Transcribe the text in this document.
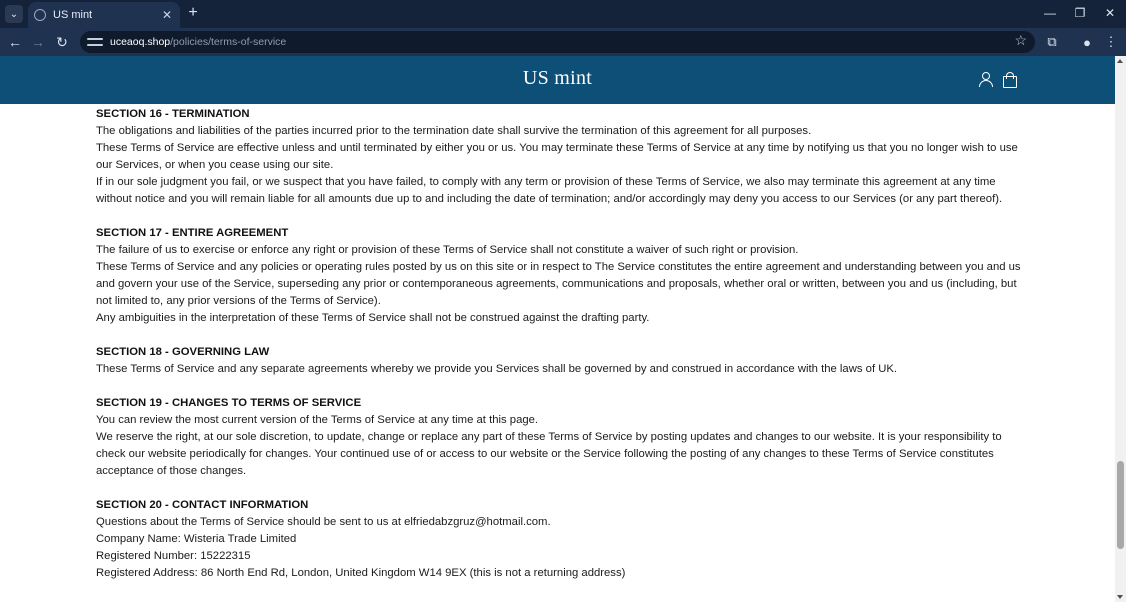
⌄	US mint	✕ +	—	❐	✕
← → ↻	uceaoq.shop/policies/terms-of-service	☆	⧉	●	⋮
US mint
SECTION 16 - TERMINATION

The obligations and liabilities of the parties incurred prior to the termination date shall survive the termination of this agreement for all purposes.

These Terms of Service are effective unless and until terminated by either you or us. You may terminate these Terms of Service at any time by notifying us that you no longer wish to use our Services, or when you cease using our site.

If in our sole judgment you fail, or we suspect that you have failed, to comply with any term or provision of these Terms of Service, we also may terminate this agreement at any time without notice and you will remain liable for all amounts due up to and including the date of termination; and/or accordingly may deny you access to our Services (or any part thereof).

SECTION 17 - ENTIRE AGREEMENT

The failure of us to exercise or enforce any right or provision of these Terms of Service shall not constitute a waiver of such right or provision.

These Terms of Service and any policies or operating rules posted by us on this site or in respect to The Service constitutes the entire agreement and understanding between you and us and govern your use of the Service, superseding any prior or contemporaneous agreements, communications and proposals, whether oral or written, between you and us (including, but not limited to, any prior versions of the Terms of Service).

Any ambiguities in the interpretation of these Terms of Service shall not be construed against the drafting party.

SECTION 18 - GOVERNING LAW

These Terms of Service and any separate agreements whereby we provide you Services shall be governed by and construed in accordance with the laws of UK.

SECTION 19 - CHANGES TO TERMS OF SERVICE

You can review the most current version of the Terms of Service at any time at this page.

We reserve the right, at our sole discretion, to update, change or replace any part of these Terms of Service by posting updates and changes to our website. It is your responsibility to check our website periodically for changes. Your continued use of or access to our website or the Service following the posting of any changes to these Terms of Service constitutes acceptance of those changes.

SECTION 20 - CONTACT INFORMATION

Questions about the Terms of Service should be sent to us at elfriedabzgruz@hotmail.com.

Company Name: Wisteria Trade Limited

Registered Number: 15222315

Registered Address: 86 North End Rd, London, United Kingdom W14 9EX (this is not a returning address)
